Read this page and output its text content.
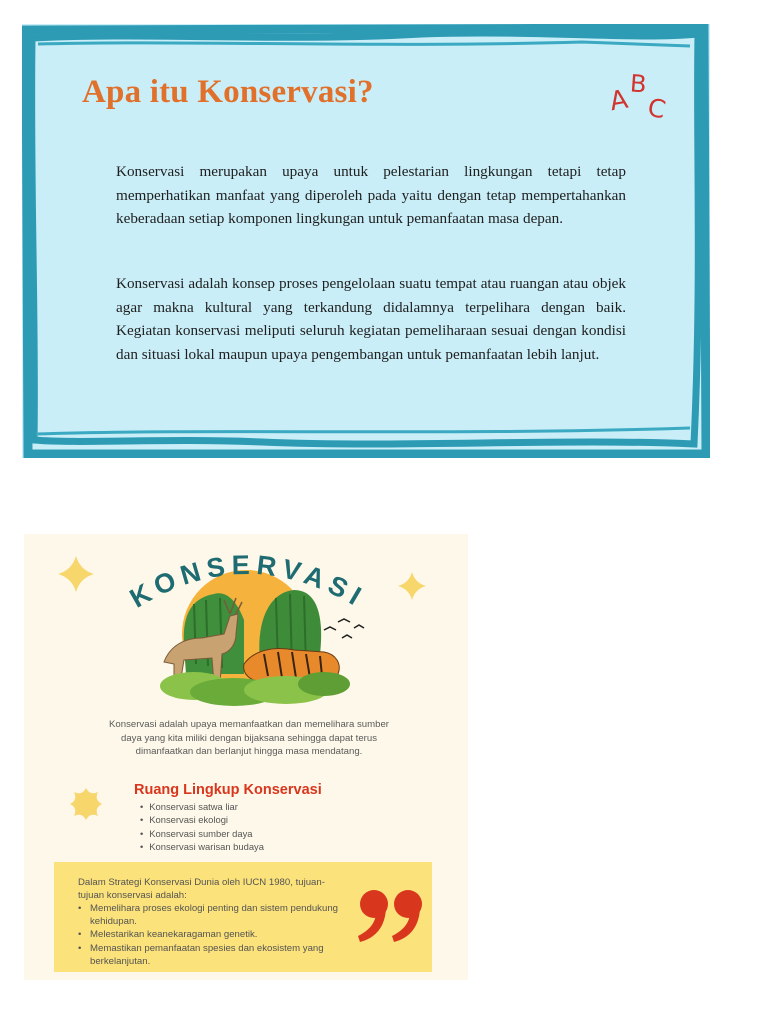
Apa itu Konservasi?	A
B
C

Konservasi merupakan upaya untuk pelestarian lingkungan tetapi tetap memperhatikan manfaat yang diperoleh pada yaitu dengan tetap mempertahankan keberadaan setiap komponen lingkungan untuk pemanfaatan masa depan.

Konservasi adalah konsep proses pengelolaan suatu tempat atau ruangan atau objek agar makna kultural yang terkandung didalamnya terpelihara dengan baik. Kegiatan konservasi meliputi seluruh kegiatan pemeliharaan sesuai dengan kondisi dan situasi lokal maupun upaya pengembangan untuk pemanfaatan lebih lanjut.

KONSERVASI

Konservasi adalah upaya memanfaatkan dan memelihara sumber daya yang kita miliki dengan bijaksana sehingga dapat terus dimanfaatkan dan berlanjut hingga masa mendatang.

Ruang Lingkup Konservasi
• Konservasi satwa liar
• Konservasi ekologi
• Konservasi sumber daya
• Konservasi warisan budaya

Dalam Strategi Konservasi Dunia oleh IUCN 1980, tujuan-tujuan konservasi adalah:

• Memelihara proses ekologi penting dan sistem pendukung kehidupan.
• Melestarikan keanekaragaman genetik.
• Memastikan pemanfaatan spesies dan ekosistem yang berkelanjutan.
